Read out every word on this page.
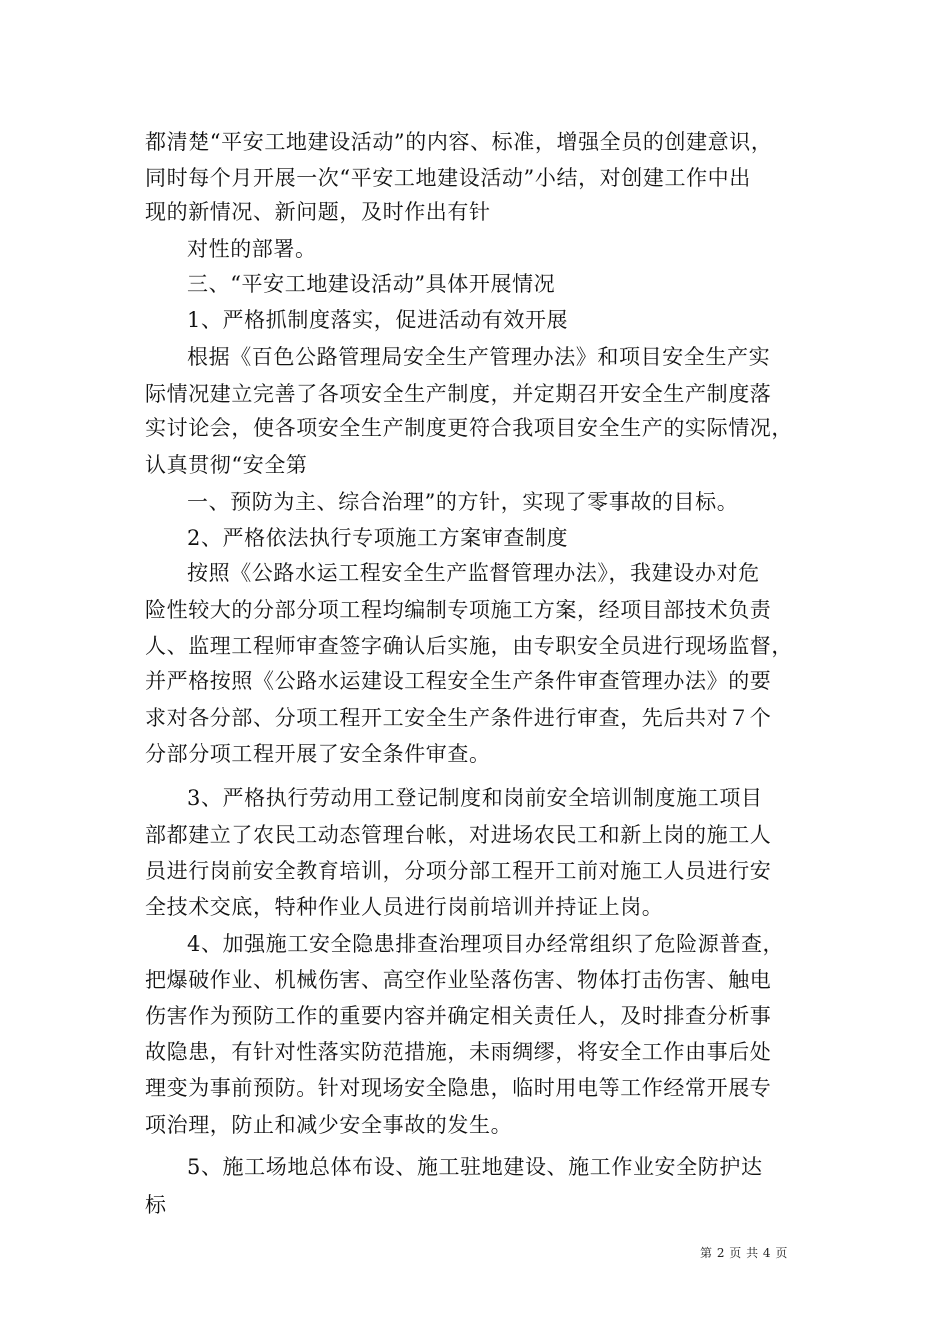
都清楚“平安工地建设活动”的内容、标准，增强全员的创建意识，
同时每个月开展一次“平安工地建设活动”小结，对创建工作中出
现的新情况、新问题，及时作出有针
对性的部署。
三、“平安工地建设活动”具体开展情况
1、严格抓制度落实，促进活动有效开展
根据《百色公路管理局安全生产管理办法》和项目安全生产实
际情况建立完善了各项安全生产制度，并定期召开安全生产制度落
实讨论会，使各项安全生产制度更符合我项目安全生产的实际情况，
认真贯彻“安全第
一、预防为主、综合治理”的方针，实现了零事故的目标。
2、严格依法执行专项施工方案审查制度
按照《公路水运工程安全生产监督管理办法》，我建设办对危
险性较大的分部分项工程均编制专项施工方案，经项目部技术负责
人、监理工程师审查签字确认后实施，由专职安全员进行现场监督，
并严格按照《公路水运建设工程安全生产条件审查管理办法》的要
求对各分部、分项工程开工安全生产条件进行审查，先后共对７个
分部分项工程开展了安全条件审查。
3、严格执行劳动用工登记制度和岗前安全培训制度施工项目
部都建立了农民工动态管理台帐，对进场农民工和新上岗的施工人
员进行岗前安全教育培训，分项分部工程开工前对施工人员进行安
全技术交底，特种作业人员进行岗前培训并持证上岗。
4、加强施工安全隐患排查治理项目办经常组织了危险源普查，
把爆破作业、机械伤害、高空作业坠落伤害、物体打击伤害、触电
伤害作为预防工作的重要内容并确定相关责任人，及时排查分析事
故隐患，有针对性落实防范措施，未雨绸缪，将安全工作由事后处
理变为事前预防。针对现场安全隐患，临时用电等工作经常开展专
项治理，防止和减少安全事故的发生。
5、施工场地总体布设、施工驻地建设、施工作业安全防护达
标
第 2 页 共 4 页
